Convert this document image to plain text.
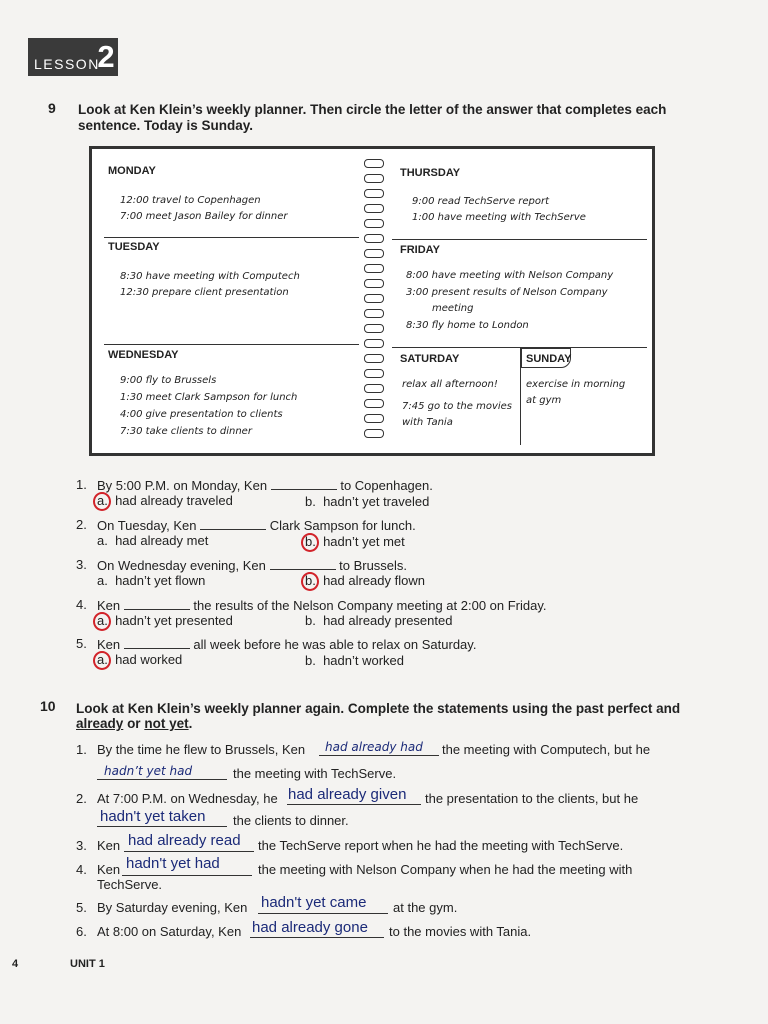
LESSON
2
9 Look at Ken Klein’s weekly planner. Then circle the letter of the answer that completes each
sentence. Today is Sunday.
MONDAY
12:00 travel to Copenhagen
7:00 meet Jason Bailey for dinner
TUESDAY
8:30 have meeting with Computech
12:30 prepare client presentation
WEDNESDAY
9:00 fly to Brussels
1:30 meet Clark Sampson for lunch
4:00 give presentation to clients
7:30 take clients to dinner
THURSDAY
9:00 read TechServe report
1:00 have meeting with TechServe
FRIDAY
8:00 have meeting with Nelson Company
3:00 present results of Nelson Company
meeting
8:30 fly home to London
SATURDAY
relax all afternoon!
7:45 go to the movies
with Tania
SUNDAY
exercise in morning
at gym
1. By 5:00 P.M. on Monday, Ken	to Copenhagen.
a.  had already traveled	b.  hadn’t yet traveled
2. On Tuesday, Ken	Clark Sampson for lunch.
a.  had already met	b.  hadn’t yet met
3. On Wednesday evening, Ken	to Brussels.
a.  hadn’t yet flown	b.  had already flown
4. Ken	the results of the Nelson Company meeting at 2:00 on Friday.
a.  hadn’t yet presented	b.  had already presented
5. Ken	all week before he was able to relax on Saturday.
a.  had worked	b.  hadn’t worked
10 Look at Ken Klein’s weekly planner again. Complete the statements using the past perfect and
already or not yet.
1. By the time he flew to Brussels, Ken had already had the meeting with Computech, but he
hadn’t yet had	the meeting with TechServe.
2. At 7:00 P.M. on Wednesday, he had already given the presentation to the clients, but he
hadn't yet taken the clients to dinner.
3. Ken had already read the TechServe report when he had the meeting with TechServe.
4. Ken hadn't yet had	the meeting with Nelson Company when he had the meeting with
TechServe.
5. By Saturday evening, Ken hadn't yet came at the gym.
6. At 8:00 on Saturday, Ken had already gone to the movies with Tania.
4	UNIT 1
